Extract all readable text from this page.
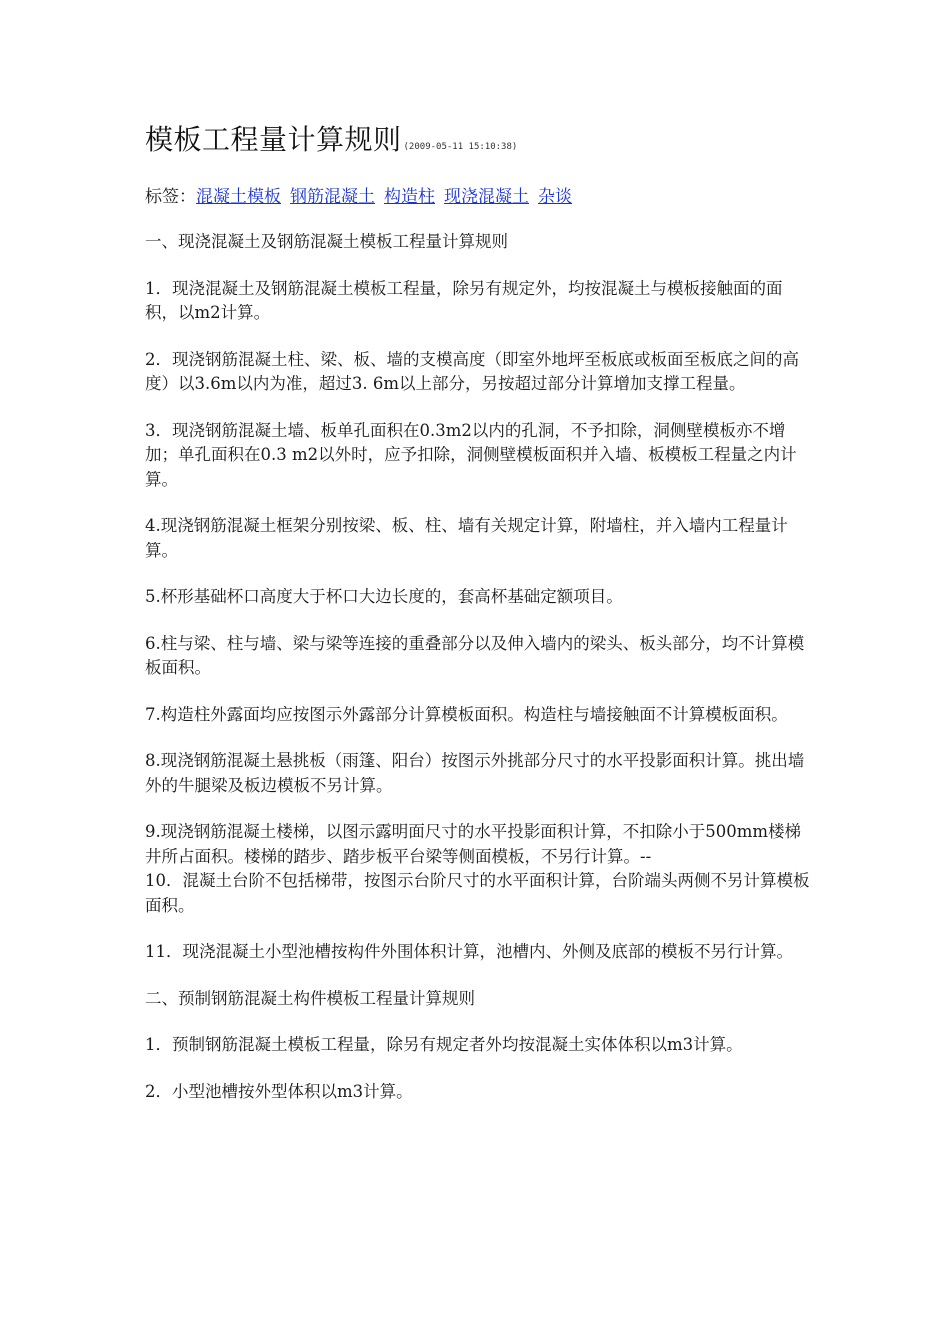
模板工程量计算规则 (2009-05-11 15:10:38)
标签：混凝土模板 钢筋混凝土 构造柱 现浇混凝土 杂谈

一、现浇混凝土及钢筋混凝土模板工程量计算规则

1．现浇混凝土及钢筋混凝土模板工程量，除另有规定外，均按混凝土与模板接触面的面积，以m2计算。

2．现浇钢筋混凝土柱、梁、板、墙的支模高度（即室外地坪至板底或板面至板底之间的高度）以3.6m以内为准，超过3. 6m以上部分，另按超过部分计算增加支撑工程量。

3．现浇钢筋混凝土墙、板单孔面积在0.3m2以内的孔洞，不予扣除，洞侧壁模板亦不增加；单孔面积在0.3 m2以外时，应予扣除，洞侧壁模板面积并入墙、板模板工程量之内计算。

4.现浇钢筋混凝土框架分别按梁、板、柱、墙有关规定计算，附墙柱，并入墙内工程量计算。

5.杯形基础杯口高度大于杯口大边长度的，套高杯基础定额项目。

6.柱与梁、柱与墙、梁与梁等连接的重叠部分以及伸入墙内的梁头、板头部分，均不计算模板面积。

7.构造柱外露面均应按图示外露部分计算模板面积。构造柱与墙接触面不计算模板面积。

8.现浇钢筋混凝土悬挑板（雨篷、阳台）按图示外挑部分尺寸的水平投影面积计算。挑出墙外的牛腿梁及板边模板不另计算。

9.现浇钢筋混凝土楼梯，以图示露明面尺寸的水平投影面积计算，不扣除小于500mm楼梯井所占面积。楼梯的踏步、踏步板平台梁等侧面模板，不另行计算。--

10．混凝土台阶不包括梯带，按图示台阶尺寸的水平面积计算，台阶端头两侧不另计算模板面积。

11．现浇混凝土小型池槽按构件外围体积计算，池槽内、外侧及底部的模板不另行计算。

二、预制钢筋混凝土构件模板工程量计算规则

1．预制钢筋混凝土模板工程量，除另有规定者外均按混凝土实体体积以m3计算。

2．小型池槽按外型体积以m3计算。
